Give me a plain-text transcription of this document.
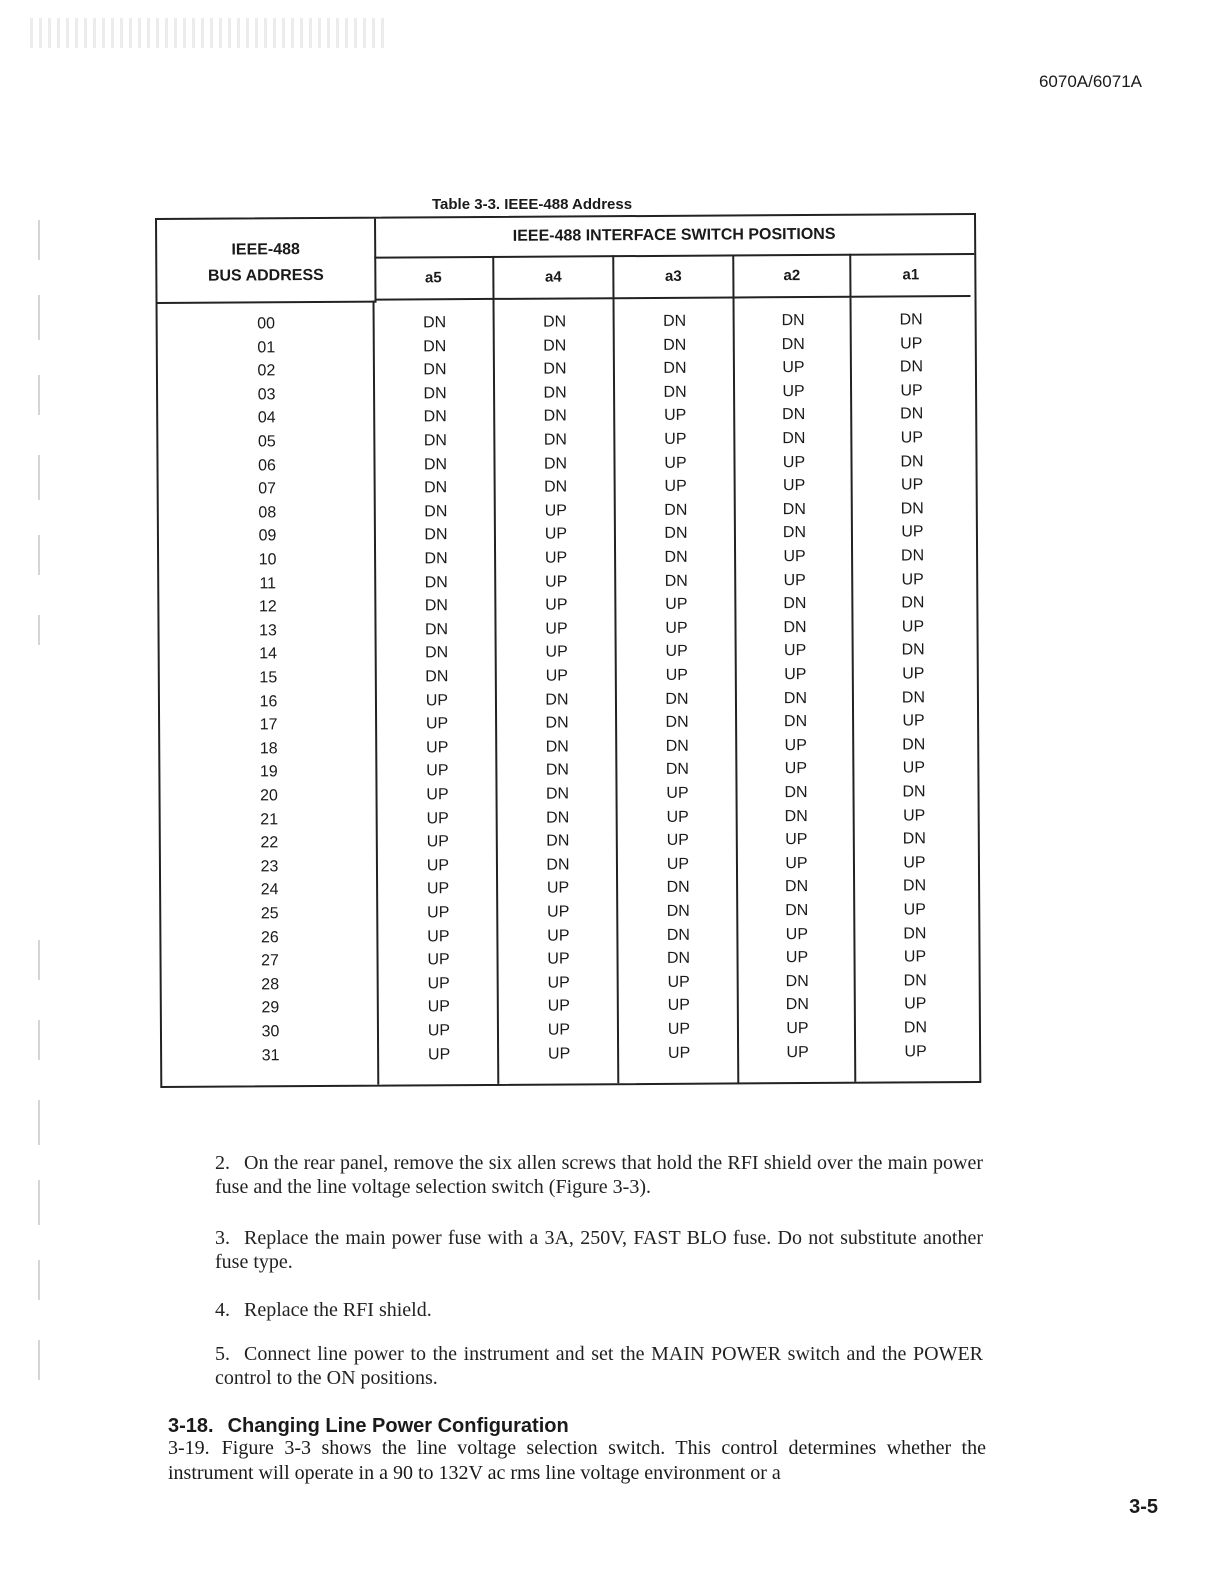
6070A/6071A
Table 3-3. IEEE-488 Address
IEEE-488
BUS ADDRESS
IEEE-488 INTERFACE SWITCH POSITIONS
a5	a4	a3	a2	a1
00	DN	DN	DN	DN	DN
01	DN	DN	DN	DN	UP
02	DN	DN	DN	UP	DN
03	DN	DN	DN	UP	UP
04	DN	DN	UP	DN	DN
05	DN	DN	UP	DN	UP
06	DN	DN	UP	UP	DN
07	DN	DN	UP	UP	UP
08	DN	UP	DN	DN	DN
09	DN	UP	DN	DN	UP
10	DN	UP	DN	UP	DN
11	DN	UP	DN	UP	UP
12	DN	UP	UP	DN	DN
13	DN	UP	UP	DN	UP
14	DN	UP	UP	UP	DN
15	DN	UP	UP	UP	UP
16	UP	DN	DN	DN	DN
17	UP	DN	DN	DN	UP
18	UP	DN	DN	UP	DN
19	UP	DN	DN	UP	UP
20	UP	DN	UP	DN	DN
21	UP	DN	UP	DN	UP
22	UP	DN	UP	UP	DN
23	UP	DN	UP	UP	UP
24	UP	UP	DN	DN	DN
25	UP	UP	DN	DN	UP
26	UP	UP	DN	UP	DN
27	UP	UP	DN	UP	UP
28	UP	UP	UP	DN	DN
29	UP	UP	UP	DN	UP
30	UP	UP	UP	UP	DN
31	UP	UP	UP	UP	UP
2. On the rear panel, remove the six allen screws that hold the RFI shield over the main power fuse and the line voltage selection switch (Figure 3-3).
3. Replace the main power fuse with a 3A, 250V, FAST BLO fuse. Do not substitute another fuse type.
4. Replace the RFI shield.
5. Connect line power to the instrument and set the MAIN POWER switch and the POWER control to the ON positions.
3-18. Changing Line Power Configuration
3-19. Figure 3-3 shows the line voltage selection switch. This control determines whether the instrument will operate in a 90 to 132V ac rms line voltage environment or a
3-5
